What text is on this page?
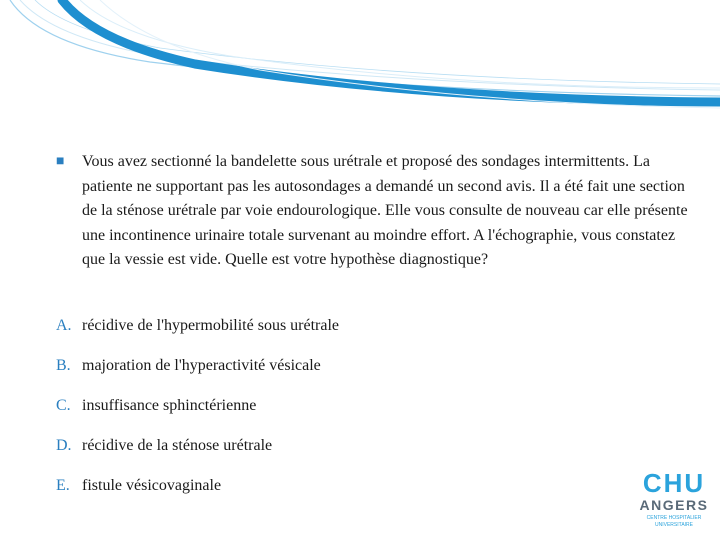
■	Vous avez sectionné la bandelette sous urétrale et proposé des sondages intermittents. La patiente ne supportant pas les autosondages a demandé un second avis. Il a été fait une section de la sténose urétrale par voie endourologique. Elle vous consulte de nouveau car elle présente une incontinence urinaire totale survenant au moindre effort. A l'échographie, vous constatez que la vessie est vide. Quelle est votre hypothèse diagnostique?
A. récidive de l'hypermobilité sous urétrale
B. majoration de l'hyperactivité vésicale
C. insuffisance sphinctérienne
D. récidive de la sténose urétrale
E. fistule vésicovaginale	CHU
ANGERS
CENTRE HOSPITALIER
UNIVERSITAIRE
